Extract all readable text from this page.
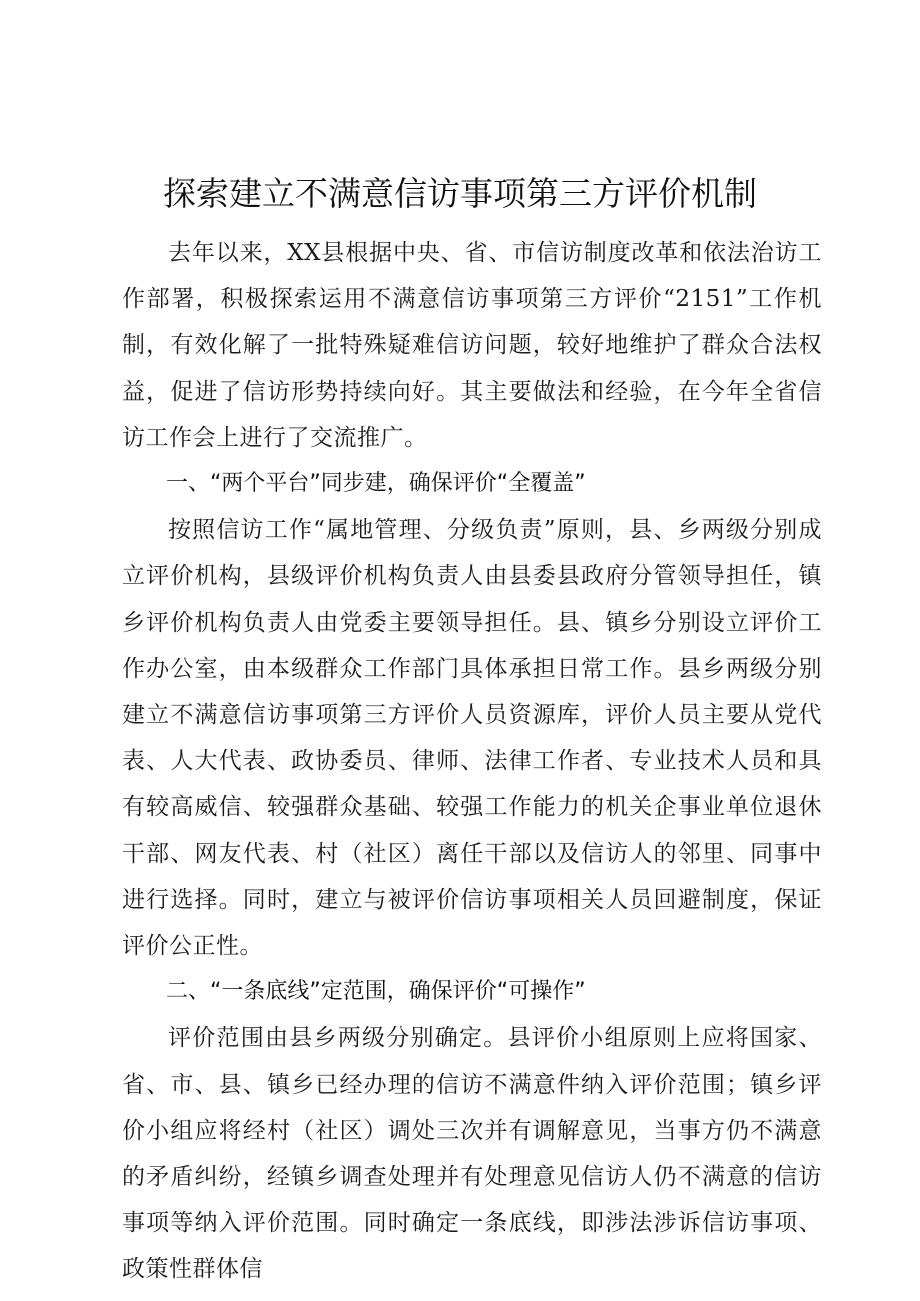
探索建立不满意信访事项第三方评价机制

去年以来，XX县根据中央、省、市信访制度改革和依法治访工作部署，积极探索运用不满意信访事项第三方评价“2151”工作机制，有效化解了一批特殊疑难信访问题，较好地维护了群众合法权益，促进了信访形势持续向好。其主要做法和经验，在今年全省信访工作会上进行了交流推广。

一、“两个平台”同步建，确保评价“全覆盖”

按照信访工作“属地管理、分级负责”原则，县、乡两级分别成立评价机构，县级评价机构负责人由县委县政府分管领导担任，镇乡评价机构负责人由党委主要领导担任。县、镇乡分别设立评价工作办公室，由本级群众工作部门具体承担日常工作。县乡两级分别建立不满意信访事项第三方评价人员资源库，评价人员主要从党代表、人大代表、政协委员、律师、法律工作者、专业技术人员和具有较高威信、较强群众基础、较强工作能力的机关企事业单位退休干部、网友代表、村（社区）离任干部以及信访人的邻里、同事中进行选择。同时，建立与被评价信访事项相关人员回避制度，保证评价公正性。

二、“一条底线”定范围，确保评价“可操作”

评价范围由县乡两级分别确定。县评价小组原则上应将国家、省、市、县、镇乡已经办理的信访不满意件纳入评价范围；镇乡评价小组应将经村（社区）调处三次并有调解意见，当事方仍不满意的矛盾纠纷，经镇乡调查处理并有处理意见信访人仍不满意的信访事项等纳入评价范围。同时确定一条底线，即涉法涉诉信访事项、政策性群体信
